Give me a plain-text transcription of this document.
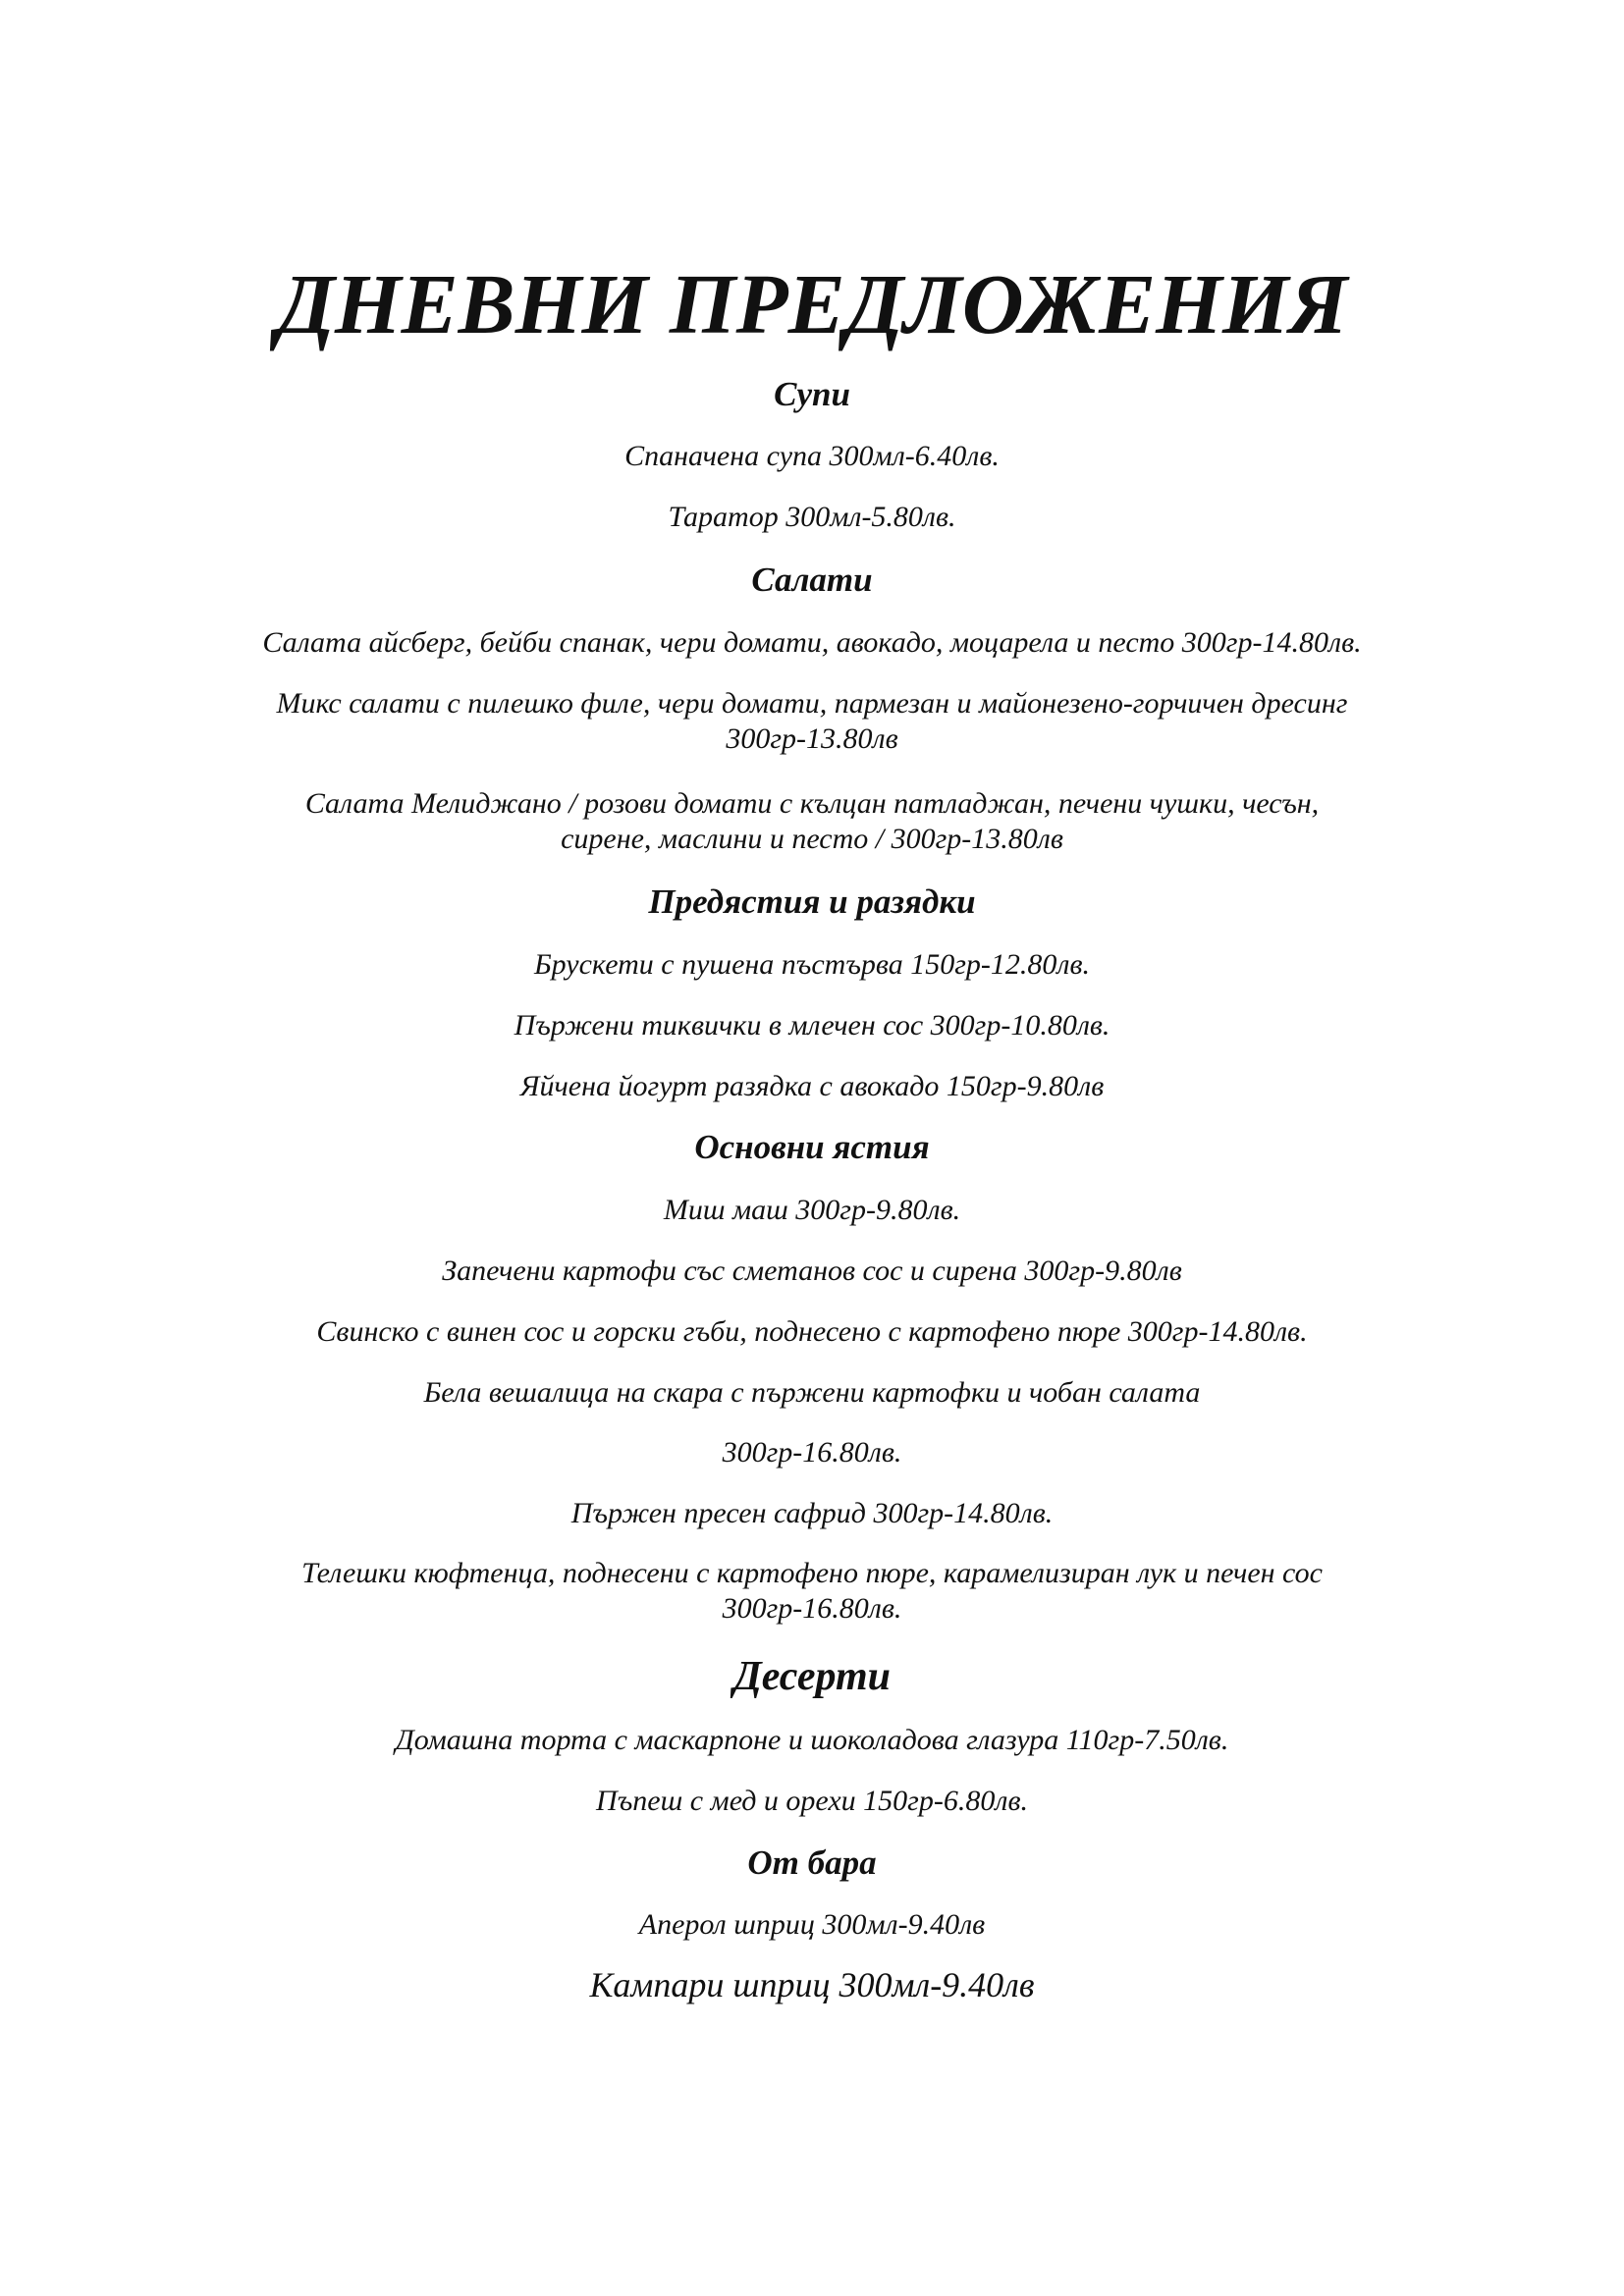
ДНЕВНИ ПРЕДЛОЖЕНИЯ
Супи
Спаначена супа 300мл-6.40лв.
Таратор 300мл-5.80лв.
Салати
Салата айсберг, бейби спанак, чери домати, авокадо, моцарела и песто 300гр-14.80лв.
Микс салати с пилешко филе, чери домати, пармезан и майонезено-горчичен дресинг
300гр-13.80лв
Салата Мелиджано / розови домати с кълцан патладжан, печени чушки, чесън,
сирене, маслини и песто / 300гр-13.80лв
Предястия и разядки
Брускети с пушена пъстърва 150гр-12.80лв.
Пържени тиквички в млечен сос 300гр-10.80лв.
Яйчена йогурт разядка с авокадо 150гр-9.80лв
Основни ястия
Миш маш 300гр-9.80лв.
Запечени картофи със сметанов сос и сирена 300гр-9.80лв
Свинско с винен сос и горски гъби, поднесено с картофено пюре 300гр-14.80лв.
Бела вешалица на скара с пържени картофки и чобан салата
300гр-16.80лв.
Пържен пресен сафрид 300гр-14.80лв.
Телешки кюфтенца, поднесени с картофено пюре, карамелизиран лук и печен сос
300гр-16.80лв.
Десерти
Домашна торта с маскарпоне и шоколадова глазура 110гр-7.50лв.
Пъпеш с мед и орехи 150гр-6.80лв.
От бара
Аперол шприц 300мл-9.40лв
Кампари шприц 300мл-9.40лв
